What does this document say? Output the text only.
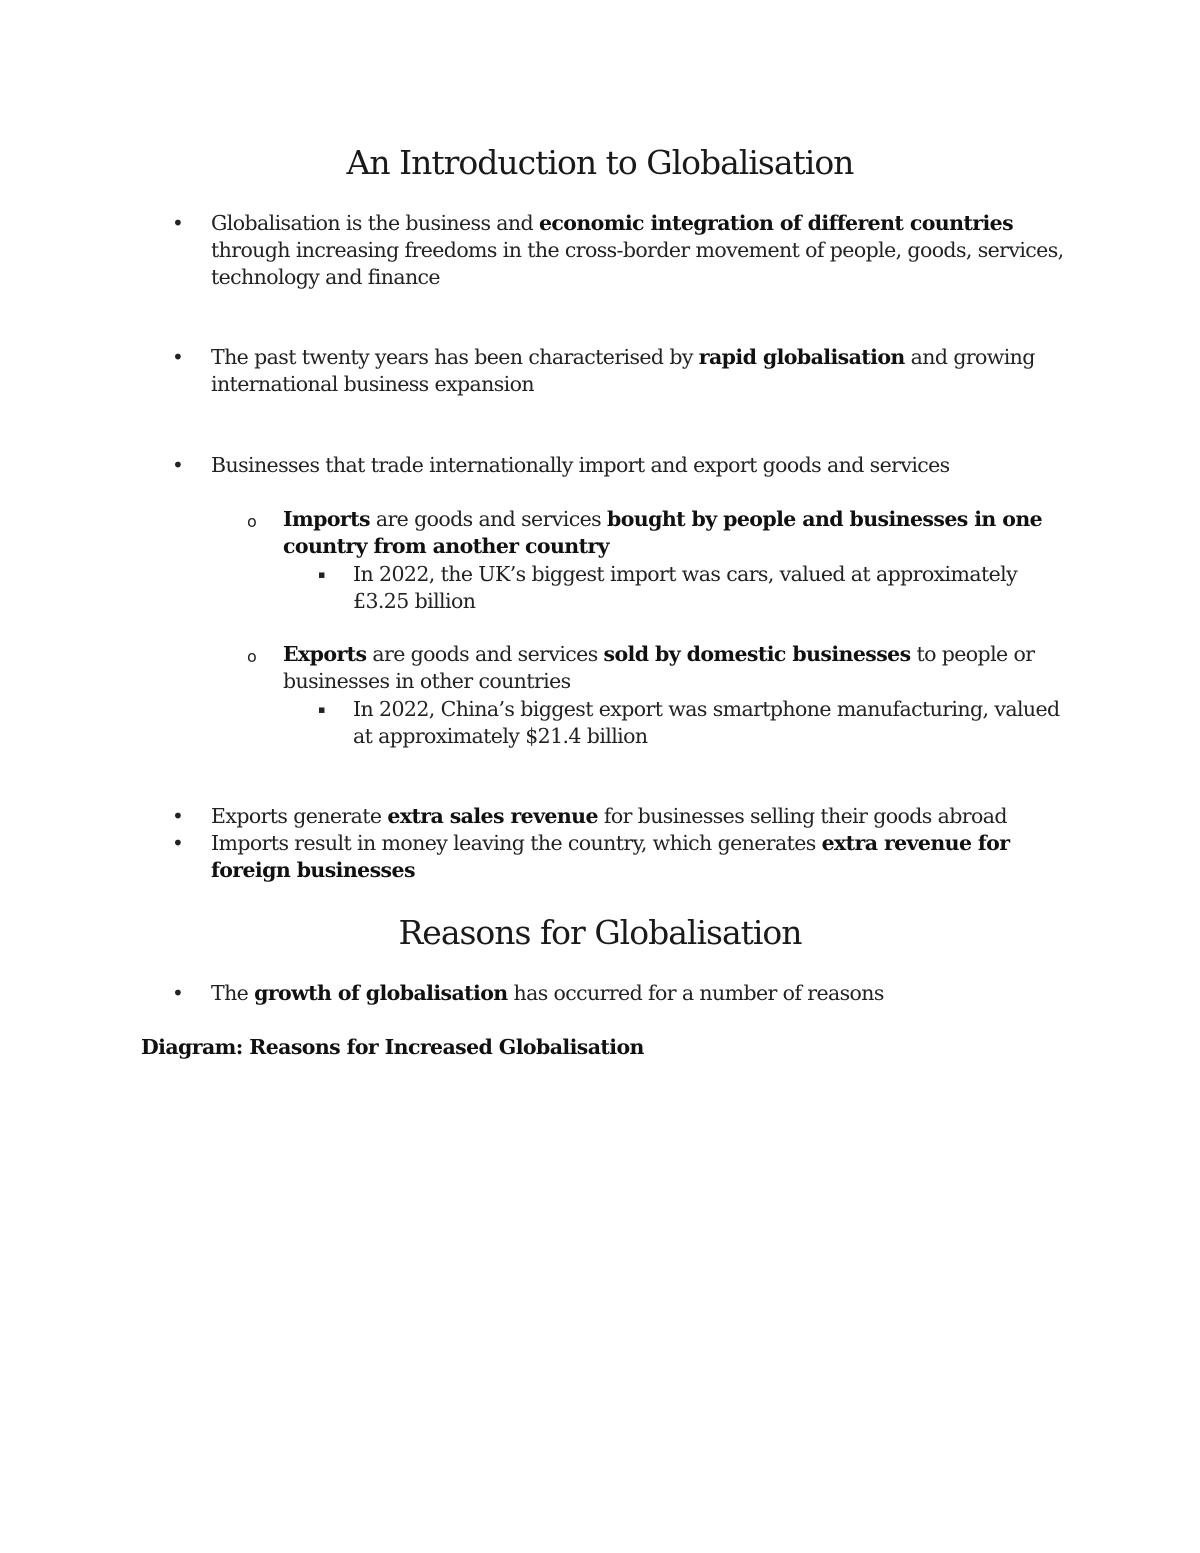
An Introduction to Globalisation
• Globalisation is the business and economic integration of different countries through increasing freedoms in the cross-border movement of people, goods, services, technology and finance
• The past twenty years has been characterised by rapid globalisation and growing international business expansion
• Businesses that trade internationally import and export goods and services
o Imports are goods and services bought by people and businesses in one country from another country
▪ In 2022, the UK’s biggest import was cars, valued at approximately £3.25 billion
o Exports are goods and services sold by domestic businesses to people or businesses in other countries
▪ In 2022, China’s biggest export was smartphone manufacturing, valued at approximately $21.4 billion
• Exports generate extra sales revenue for businesses selling their goods abroad
• Imports result in money leaving the country, which generates extra revenue for foreign businesses
Reasons for Globalisation
• The growth of globalisation has occurred for a number of reasons
Diagram: Reasons for Increased Globalisation
